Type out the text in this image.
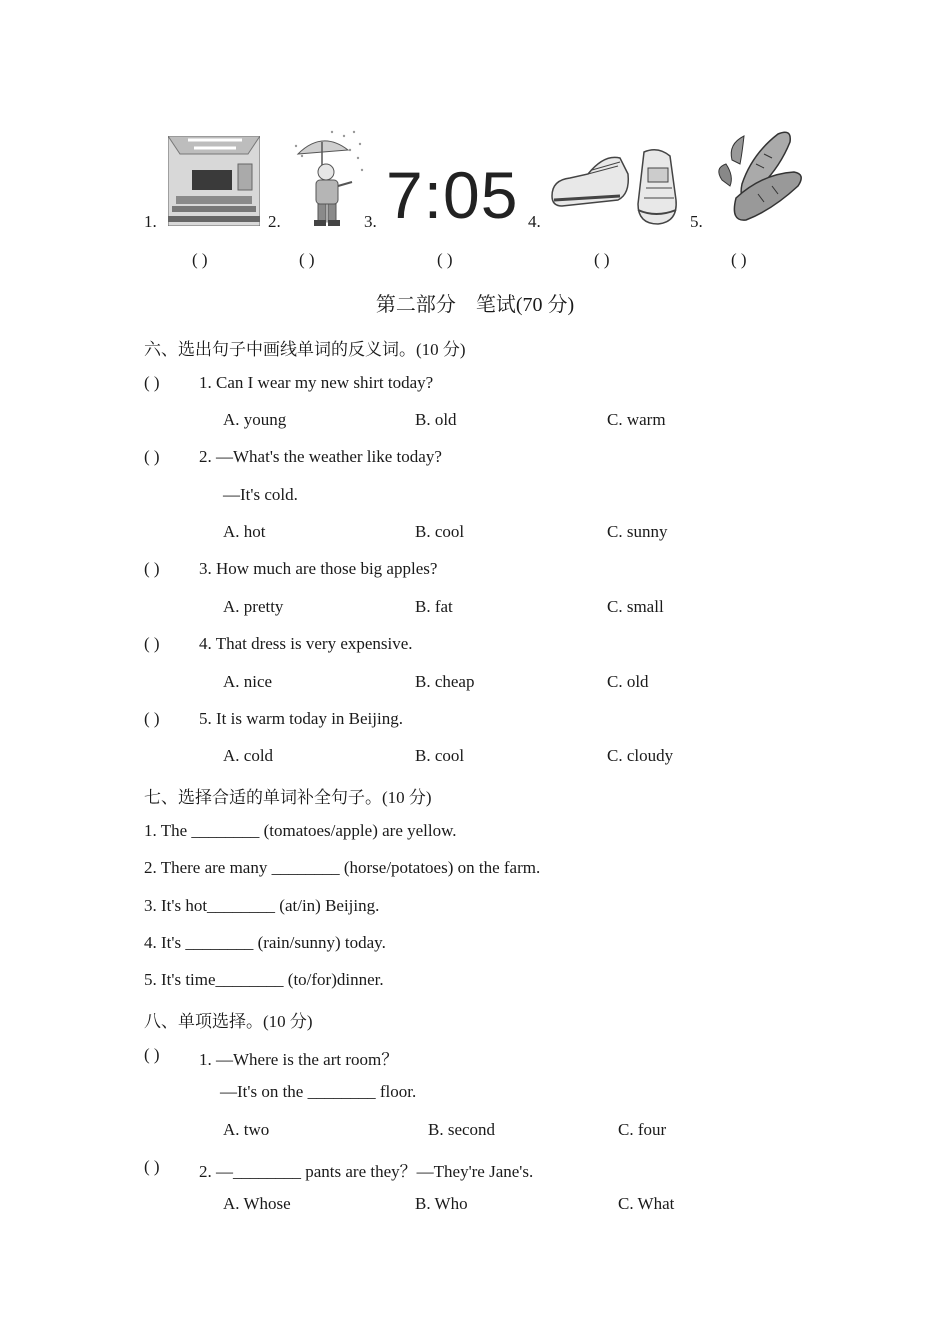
1.	2.	3. 7:05 4.	5.
( )	( )	( )	( )	( )
第二部分　笔试(70 分)
六、选出句子中画线单词的反义词。(10 分)
( ) 1. Can I wear my new shirt today?
A. young	B. old	C. warm
( ) 2. —What's the weather like today?
—It's cold.
A. hot	B. cool	C. sunny
( ) 3. How much are those big apples?
A. pretty	B. fat	C. small
( ) 4. That dress is very expensive.
A. nice	B. cheap	C. old
( ) 5. It is warm today in Beijing.
A. cold	B. cool	C. cloudy
七、选择合适的单词补全句子。(10 分)
1. The ________ (tomatoes/apple) are yellow.
2. There are many ________ (horse/potatoes) on the farm.
3. It's hot________ (at/in) Beijing.
4. It's ________ (rain/sunny) today.
5. It's time________ (to/for)dinner.
八、单项选择。(10 分)
( ) 1. —Where is the art room？
—It's on the ________ floor.
A. two	B. second	C. four
( ) 2. —________ pants are they？—They're Jane's.
A. Whose	B. Who	C. What
